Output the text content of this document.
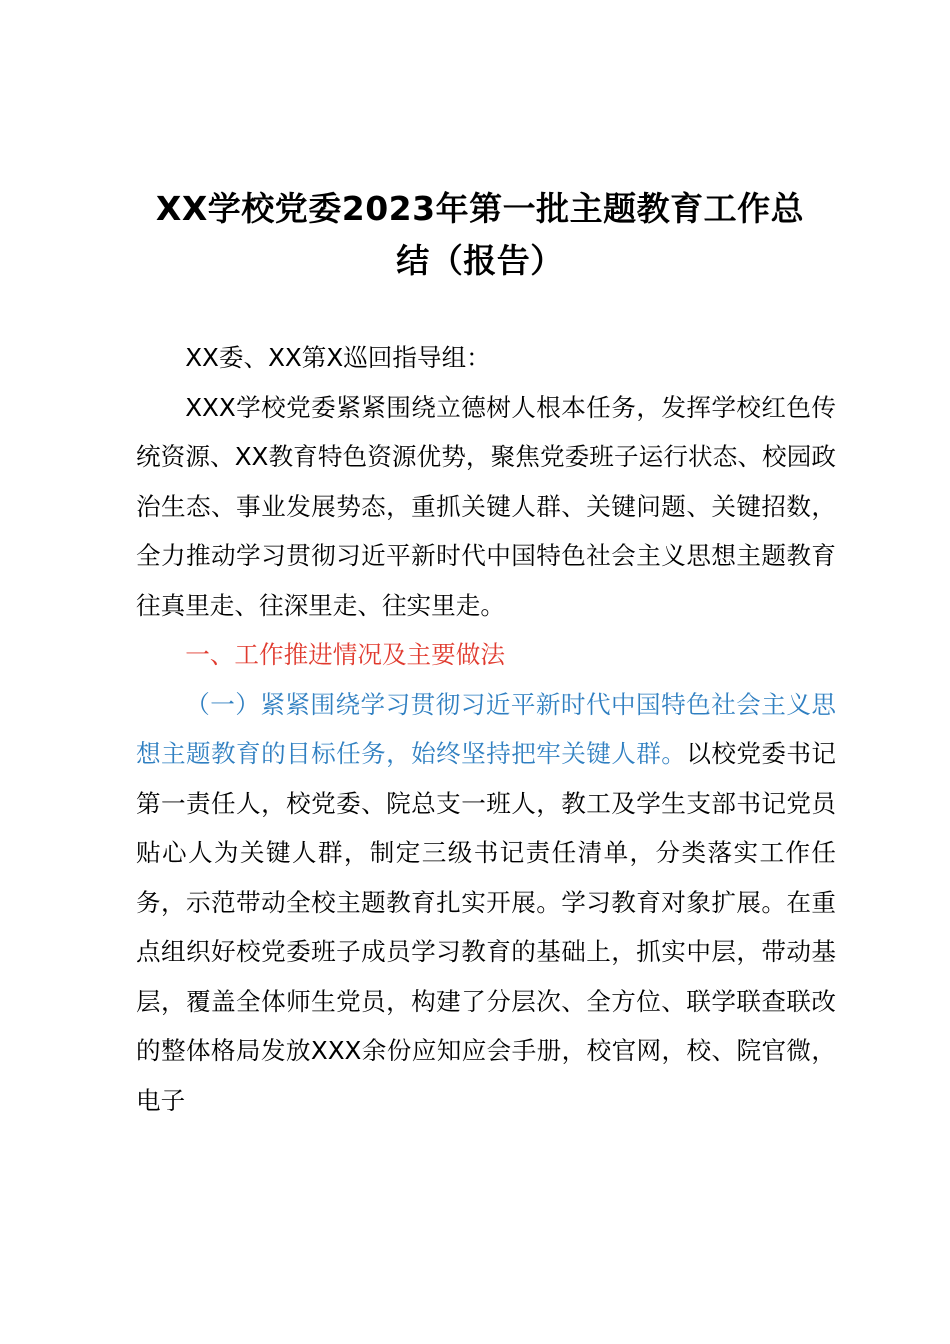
XX学校党委2023年第一批主题教育工作总
结（报告）

XX委、XX第X巡回指导组：

XXX学校党委紧紧围绕立德树人根本任务，发挥学校红色传统资源、XX教育特色资源优势，聚焦党委班子运行状态、校园政治生态、事业发展势态，重抓关键人群、关键问题、关键招数，全力推动学习贯彻习近平新时代中国特色社会主义思想主题教育往真里走、往深里走、往实里走。

一、工作推进情况及主要做法

（一）紧紧围绕学习贯彻习近平新时代中国特色社会主义思想主题教育的目标任务，始终坚持把牢关键人群。以校党委书记第一责任人，校党委、院总支一班人，教工及学生支部书记党员贴心人为关键人群，制定三级书记责任清单，分类落实工作任务，示范带动全校主题教育扎实开展。学习教育对象扩展。在重点组织好校党委班子成员学习教育的基础上，抓实中层，带动基层，覆盖全体师生党员，构建了分层次、全方位、联学联查联改的整体格局发放XXX余份应知应会手册，校官网，校、院官微，电子
